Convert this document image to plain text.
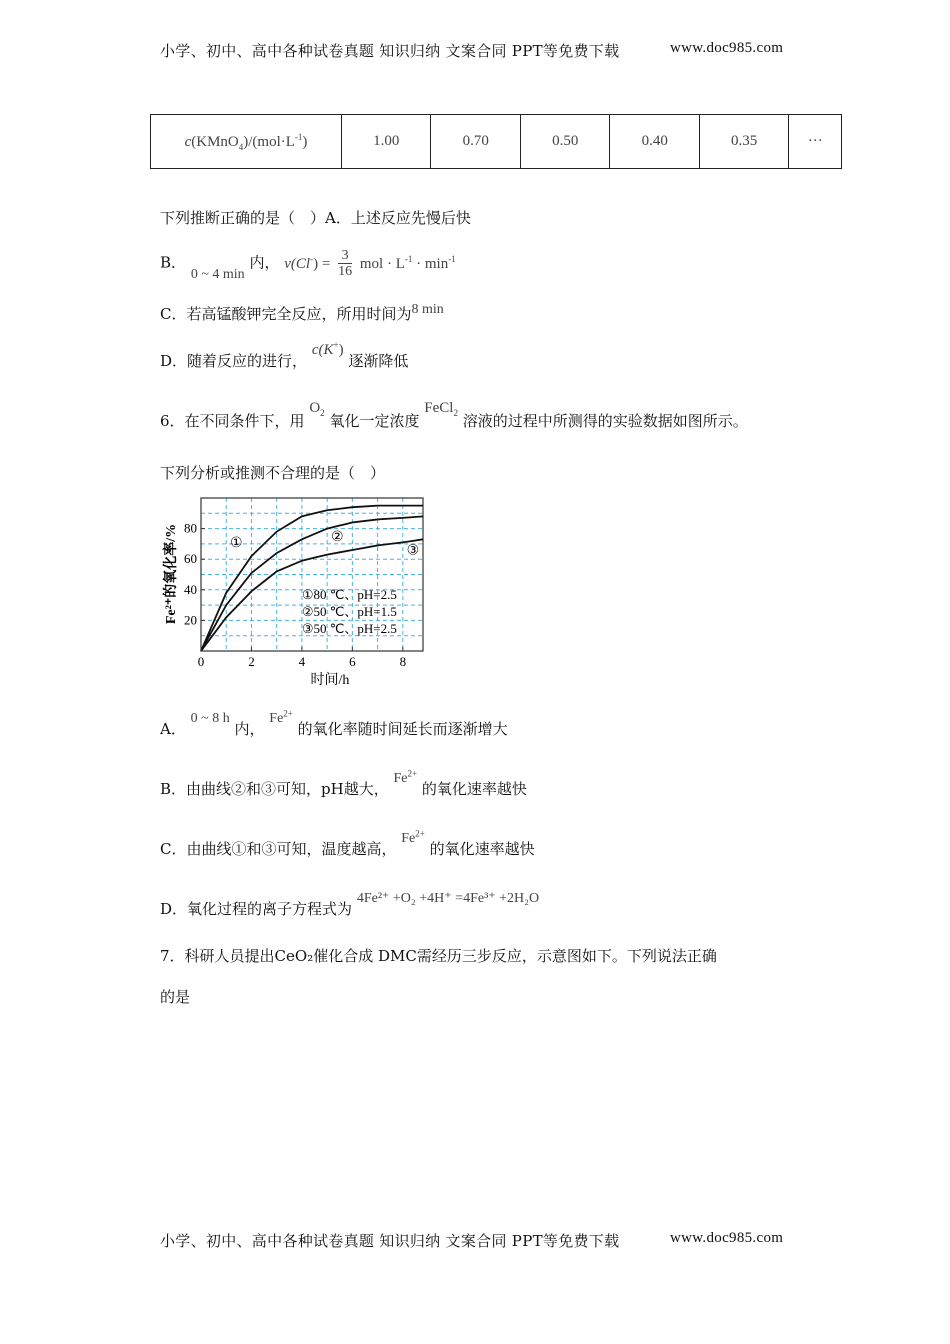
小学、初中、高中各种试卷真题 知识归纳 文案合同 PPT等免费下载	www.doc985.com
$c(KMnO_4)/(mol\cdot L^{-1})$	1.00	0.70	0.50	0.40	0.35	···
下列推断正确的是（　）A．上述反应先慢后快
B． 0 ~ 4 min 内， $v(Cl^-) = \frac{3}{16}$ mol · $L^{-1} \cdot \min^{-1}$
C．若高锰酸钾完全反应，所用时间为8 min
D．随着反应的进行， c(K+) 逐渐降低
6．在不同条件下，用 $O_2$ 氧化一定浓度 FeCl$_2$ 溶液的过程中所测得的实验数据如图所示。
下列分析或推测不合理的是（　）
0	2	4	6	8
20
40
60
80
时间/h
Fe²⁺的氧化率/%	①	②
③
①80 ℃、pH=2.5
②50 ℃、pH=1.5
③50 ℃、pH=2.5
A． 0 ~ 8 h 内， $Fe^{2+}$ 的氧化率随时间延长而逐渐增大
B．由曲线②和③可知，pH越大， $Fe^{2+}$ 的氧化速率越快
C．由曲线①和③可知，温度越高， $Fe^{2+}$ 的氧化速率越快
D．氧化过程的离子方程式为 4Fe²⁺ +O₂ +4H⁺ =4Fe³⁺ +2H₂O
7．科研人员提出CeO₂催化合成 DMC需经历三步反应，示意图如下。下列说法正确
的是
小学、初中、高中各种试卷真题 知识归纳 文案合同 PPT等免费下载	www.doc985.com
